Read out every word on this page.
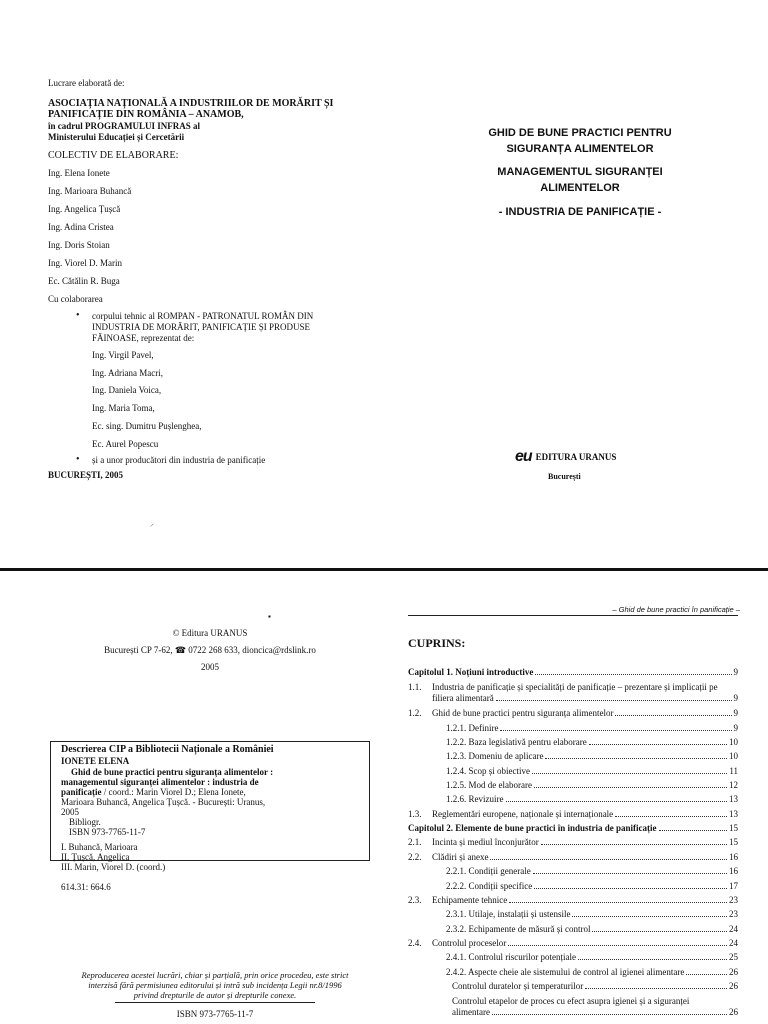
Lucrare elaborată de:
ASOCIAȚIA NAȚIONALĂ A INDUSTRIILOR DE MORĂRIT ȘI
PANIFICAȚIE DIN ROMÂNIA – ANAMOB,
în cadrul PROGRAMULUI INFRAS al
Ministerului Educației și Cercetării
COLECTIV DE ELABORARE:
Ing. Elena Ionete
Ing. Marioara Buhancă
Ing. Angelica Țușcă
Ing. Adina Cristea
Ing. Doris Stoian
Ing. Viorel D. Marin
Ec. Cătălin R. Buga
Cu colaborarea
• corpului tehnic al ROMPAN - PATRONATUL ROMÂN DIN
INDUSTRIA DE MORĂRIT, PANIFICAȚIE ȘI PRODUSE
FĂINOASE, reprezentat de:
Ing. Virgil Pavel,
Ing. Adriana Macri,
Ing. Daniela Voica,
Ing. Maria Toma,
Ec. sing. Dumitru Pușlenghea,
Ec. Aurel Popescu
• și a unor producători din industria de panificație
BUCUREȘTI, 2005
⸝
GHID DE BUNE PRACTICI PENTRU
SIGURANȚA ALIMENTELOR
MANAGEMENTUL SIGURANȚEI
ALIMENTELOR
- INDUSTRIA DE PANIFICAȚIE -
eu EDITURA URANUS
București
▪
© Editura URANUS
București CP 7-62, ☎ 0722 268 633, dioncica@rdslink.ro
2005
Descrierea CIP a Bibliotecii Naționale a României
IONETE ELENA
Ghid de bune practici pentru siguranța alimentelor :
managementul siguranței alimentelor : industria de
panificație / coord.: Marin Viorel D.; Elena Ionete,
Marioara Buhancă, Angelica Țușcă. - București: Uranus,
2005
Bibliogr.
ISBN 973-7765-11-7
I. Buhancă, Marioara
II. Țușcă, Angelica
III. Marin, Viorel D. (coord.)
614.31: 664.6
Reproducerea acestei lucrări, chiar și parțială, prin orice procedeu, este strict
interzisă fără permisiunea editorului și intră sub incidența Legii nr.8/1996
privind drepturile de autor și drepturile conexe.
ISBN 973-7765-11-7
– Ghid de bune practici în panificație –
CUPRINS:
Capitolul 1. Noțiuni introductive	9
1.1. Industria de panificație și specialități de panificație – prezentare și implicații pe
filiera alimentară	9
1.2. Ghid de bune practici pentru siguranța alimentelor	9
1.2.1. Definire	9
1.2.2. Baza legislativă pentru elaborare	10
1.2.3. Domeniu de aplicare	10
1.2.4. Scop și obiective	11
1.2.5. Mod de elaborare	12
1.2.6. Revizuire	13
1.3. Reglementări europene, naționale și internaționale	13
Capitolul 2. Elemente de bune practici în industria de panificație	15
2.1. Incinta și mediul înconjurător	15
2.2. Clădiri și anexe	16
2.2.1. Condiții generale	16
2.2.2. Condiții specifice	17
2.3. Echipamente tehnice	23
2.3.1. Utilaje, instalații și ustensile	23
2.3.2. Echipamente de măsură și control	24
2.4. Controlul proceselor	24
2.4.1. Controlul riscurilor potențiale	25
2.4.2. Aspecte cheie ale sistemului de control al igienei alimentare	26
Controlul duratelor și temperaturilor	26
Controlul etapelor de proces cu efect asupra igienei și a siguranței
alimentare	26
